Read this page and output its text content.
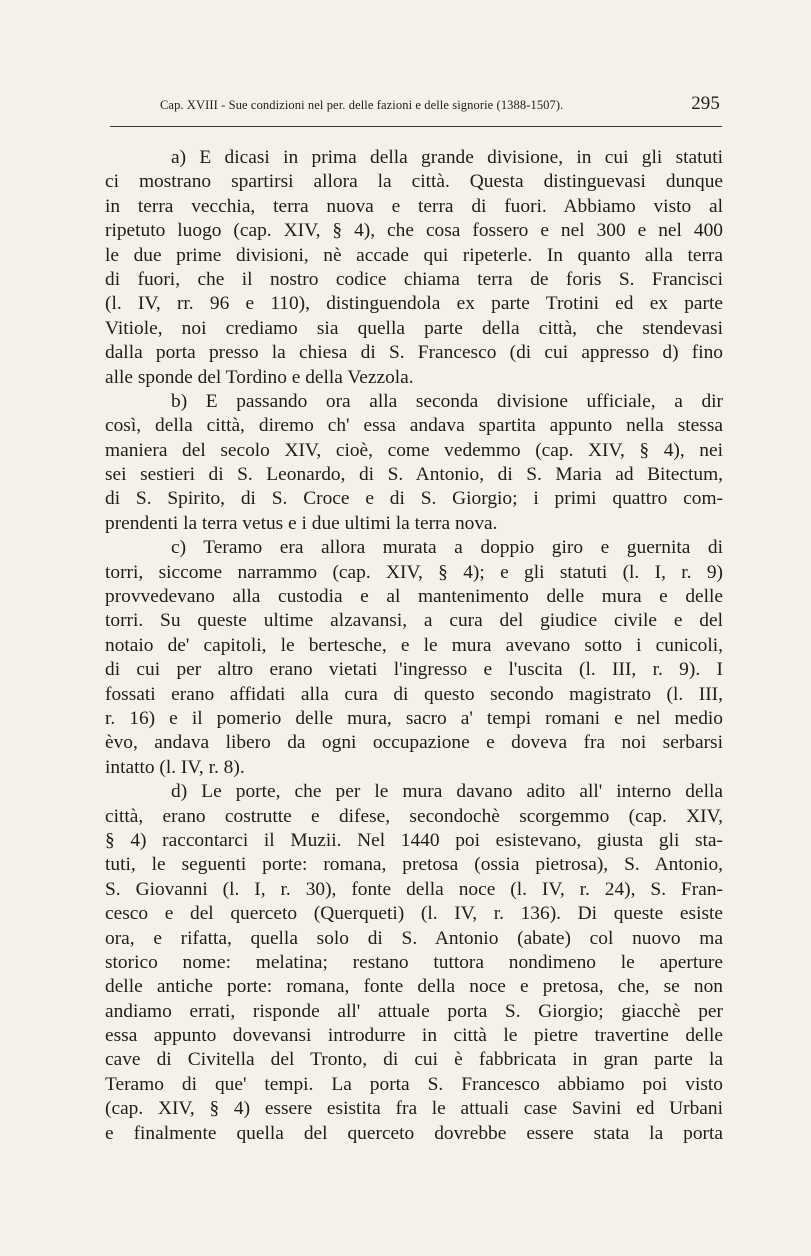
Cap. XVIII - Sue condizioni nel per. delle fazioni e delle signorie (1388-1507).	295
a) E dicasi in prima della grande divisione, in cui gli statuti
ci mostrano spartirsi allora la città. Questa distinguevasi dunque
in terra vecchia, terra nuova e terra di fuori. Abbiamo visto al
ripetuto luogo (cap. XIV, § 4), che cosa fossero e nel 300 e nel 400
le due prime divisioni, nè accade qui ripeterle. In quanto alla terra
di fuori, che il nostro codice chiama terra de foris S. Francisci
(l. IV, rr. 96 e 110), distinguendola ex parte Trotini ed ex parte
Vitiole, noi crediamo sia quella parte della città, che stendevasi
dalla porta presso la chiesa di S. Francesco (di cui appresso d) fino
alle sponde del Tordino e della Vezzola.
b) E passando ora alla seconda divisione ufficiale, a dir
così, della città, diremo ch' essa andava spartita appunto nella stessa
maniera del secolo XIV, cioè, come vedemmo (cap. XIV, § 4), nei
sei sestieri di S. Leonardo, di S. Antonio, di S. Maria ad Bitectum,
di S. Spirito, di S. Croce e di S. Giorgio; i primi quattro com-
prendenti la terra vetus e i due ultimi la terra nova.
c) Teramo era allora murata a doppio giro e guernita di
torri, siccome narrammo (cap. XIV, § 4); e gli statuti (l. I, r. 9)
provvedevano alla custodia e al mantenimento delle mura e delle
torri. Su queste ultime alzavansi, a cura del giudice civile e del
notaio de' capitoli, le bertesche, e le mura avevano sotto i cunicoli,
di cui per altro erano vietati l'ingresso e l'uscita (l. III, r. 9). I
fossati erano affidati alla cura di questo secondo magistrato (l. III,
r. 16) e il pomerio delle mura, sacro a' tempi romani e nel medio
èvo, andava libero da ogni occupazione e doveva fra noi serbarsi
intatto (l. IV, r. 8).
d) Le porte, che per le mura davano adito all' interno della
città, erano costrutte e difese, secondochè scorgemmo (cap. XIV,
§ 4) raccontarci il Muzii. Nel 1440 poi esistevano, giusta gli sta-
tuti, le seguenti porte: romana, pretosa (ossia pietrosa), S. Antonio,
S. Giovanni (l. I, r. 30), fonte della noce (l. IV, r. 24), S. Fran-
cesco e del querceto (Querqueti) (l. IV, r. 136). Di queste esiste
ora, e rifatta, quella solo di S. Antonio (abate) col nuovo ma
storico nome: melatina; restano tuttora nondimeno le aperture
delle antiche porte: romana, fonte della noce e pretosa, che, se non
andiamo errati, risponde all' attuale porta S. Giorgio; giacchè per
essa appunto dovevansi introdurre in città le pietre travertine delle
cave di Civitella del Tronto, di cui è fabbricata in gran parte la
Teramo di que' tempi. La porta S. Francesco abbiamo poi visto
(cap. XIV, § 4) essere esistita fra le attuali case Savini ed Urbani
e finalmente quella del querceto dovrebbe essere stata la porta
